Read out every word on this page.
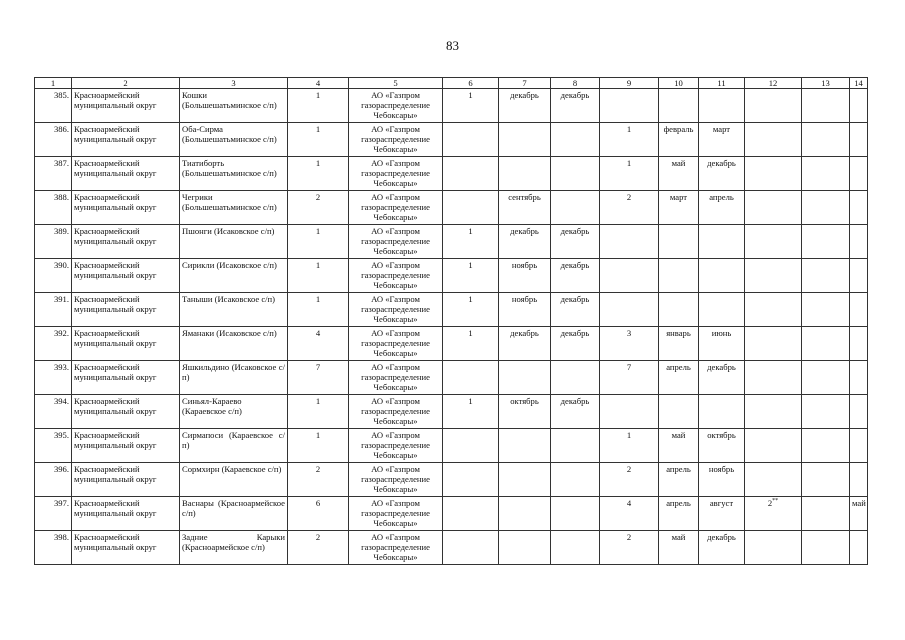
83
1	2	3	4	5	6	7	8	9	10	11	12	13	14
385.	Красноармейский муниципальный округ	Кошки (Большешатьминское с/п)	1	АО «Газпром газораспределение Чебоксары»	1	декабрь	декабрь						
386.	Красноармейский муниципальный округ	Оба-Сирма (Большешатьминское с/п)	1	АО «Газпром газораспределение Чебоксары»				1	февраль	март			
387.	Красноармейский муниципальный округ	Тиатиборть (Большешатьминское с/п)	1	АО «Газпром газораспределение Чебоксары»				1	май	декабрь			
388.	Красноармейский муниципальный округ	Чегрики (Большешатьминское с/п)	2	АО «Газпром газораспределение Чебоксары»		сентябрь		2	март	апрель			
389.	Красноармейский муниципальный округ	Пшонги (Исаковское с/п)	1	АО «Газпром газораспределение Чебоксары»	1	декабрь	декабрь						
390.	Красноармейский муниципальный округ	Сирикли (Исаковское с/п)	1	АО «Газпром газораспределение Чебоксары»	1	ноябрь	декабрь						
391.	Красноармейский муниципальный округ	Таныши (Исаковское с/п)	1	АО «Газпром газораспределение Чебоксары»	1	ноябрь	декабрь						
392.	Красноармейский муниципальный округ	Яманаки (Исаковское с/п)	4	АО «Газпром газораспределение Чебоксары»	1	декабрь	декабрь	3	январь	июнь			
393.	Красноармейский муниципальный округ	Яшкильдино (Исаковское с/п)	7	АО «Газпром газораспределение Чебоксары»				7	апрель	декабрь			
394.	Красноармейский муниципальный округ	Синьял-Караево (Караевское с/п)	1	АО «Газпром газораспределение Чебоксары»	1	октябрь	декабрь						
395.	Красноармейский муниципальный округ	Сирмапоси (Караевское с/п)	1	АО «Газпром газораспределение Чебоксары»				1	май	октябрь			
396.	Красноармейский муниципальный округ	Сормхирн (Караевское с/п)	2	АО «Газпром газораспределение Чебоксары»				2	апрель	ноябрь			
397.	Красноармейский муниципальный округ	Васнары (Красноармейское с/п)	6	АО «Газпром газораспределение Чебоксары»				4	апрель	август	2**		май
398.	Красноармейский муниципальный округ	Задние Карыки (Красноармейское с/п)	2	АО «Газпром газораспределение Чебоксары»				2	май	декабрь			
